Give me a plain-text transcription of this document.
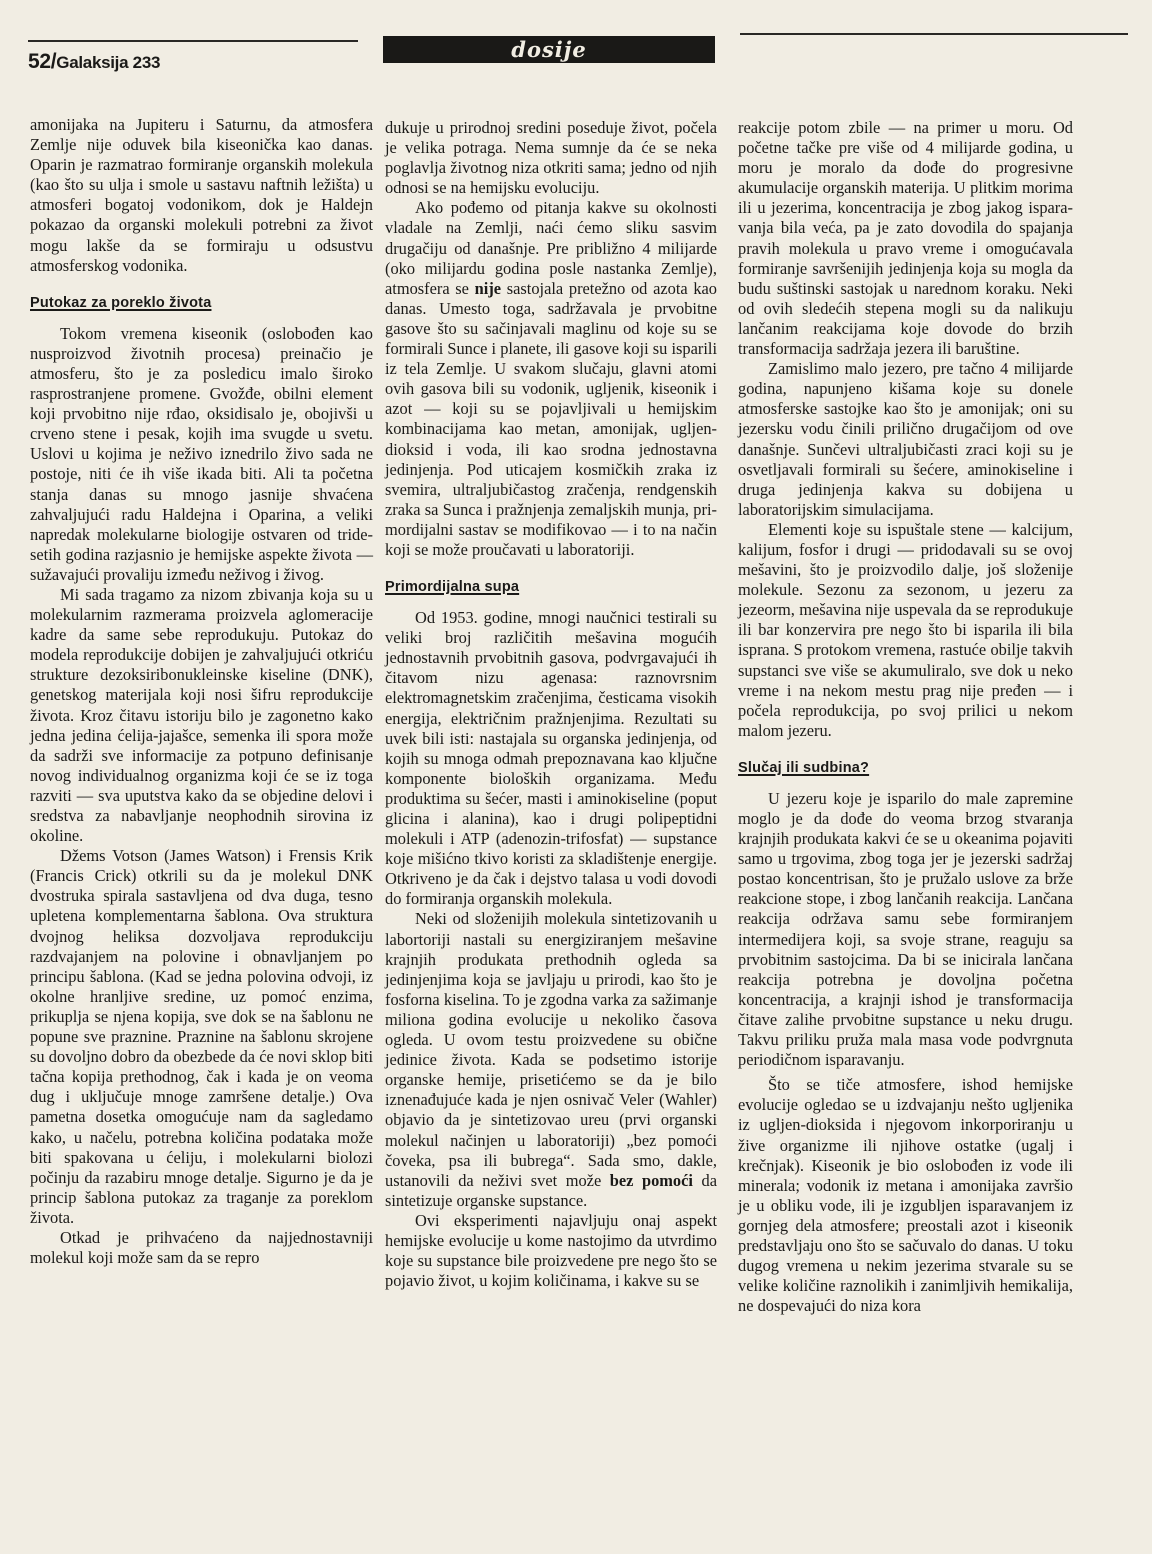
52/Galaksija 233
dosije

amonijaka na Jupiteru i Saturnu, da atmosfera Zemlje nije oduvek bila kiseonička kao danas. Oparin je razmatrao formiranje organskih molekula (kao što su ulja i smole u sastavu naftnih ležišta) u atmosferi bogatoj vodonikom, dok je Haldejn pokazao da organski molekuli potrebni za život mogu lakše da se formiraju u odsustvu atmosferskog vodonika.

Putokaz za poreklo života

Tokom vremena kiseonik (oslobođen kao nusproizvod životnih procesa) preinačio je atmosferu, što je za posledicu imalo široko rasprostranjene promene. Gvožđe, obilni element koji prvobitno nije rđao, oksidisalo je, obojivši u crveno stene i pesak, kojih ima svugde u svetu. Uslovi u kojima je neživo iznedrilo živo sada ne postoje, niti će ih više ikada biti. Ali ta početna stanja danas su mnogo jasnije shvaćena zahvaljujući radu Haldejna i Oparina, a veliki napredak molekularne biologije ostvaren od tridesetih godina razjasnio je hemijske aspekte života — sužavajući provaliju između neživog i živog.

Mi sada tragamo za nizom zbivanja koja su u molekularnim razmerama proizvela aglomeracije kadre da same sebe reprodukuju. Putokaz do modela reprodukcije dobijen je zahvaljujući otkriću strukture dezoksiribonukleinske kiseline (DNK), genetskog materijala koji nosi šifru reprodukcije života. Kroz čitavu istoriju bilo je zagonetno kako jedna jedina ćelija-jajašce, semenka ili spora može da sadrži sve informacije za potpuno definisanje novog individualnog organizma koji će se iz toga razviti — sva uputstva kako da se objedine delovi i sredstva za nabavljanje neophodnih sirovina iz okoline.

Džems Votson (James Watson) i Frensis Krik (Francis Crick) otkrili su da je molekul DNK dvostruka spirala sastavljena od dva duga, tesno upletena komplementarna šablona. Ova struktura dvojnog heliksa dozvoljava reprodukciju razdvajanjem na polovine i obnavljanjem po principu šablona. (Kad se jedna polovina odvoji, iz okolne hranljive sredine, uz pomoć enzima, prikuplja se njena kopija, sve dok se na šablonu ne popune sve praznine. Praznine na šablonu skrojene su dovoljno dobro da obezbede da će novi sklop biti tačna kopija prethodnog, čak i kada je on veoma dug i uključuje mnoge zamršene detalje.) Ova pametna dosetka omogućuje nam da sagledamo kako, u načelu, potrebna količina podataka može biti spakovana u ćeliju, i molekularni biolozi počinju da razabiru mnoge detalje. Sigurno je da je princip šablona putokaz za traganje za poreklom života.

Otkad je prihvaćeno da najjednostavniji molekul koji može sam da se repro

dukuje u prirodnoj sredini poseduje život, počela je velika potraga. Nema sumnje da će se neka poglavlja životnog niza otkriti sama; jedno od njih odnosi se na hemijsku evoluciju.

Ako pođemo od pitanja kakve su okolnosti vladale na Zemlji, naći ćemo sliku sasvim drugačiju od današnje. Pre približno 4 milijarde (oko milijardu godina posle nastanka Zemlje), atmosfera se nije sastojala pretežno od azota kao danas. Umesto toga, sadržavala je prvobitne gasove što su sačinjavali maglinu od koje su se formirali Sunce i planete, ili gasove koji su isparili iz tela Zemlje. U svakom slučaju, glavni atomi ovih gasova bili su vodonik, ugljenik, kiseonik i azot — koji su se pojavljivali u hemijskim kombinacijama kao metan, amonijak, ugljen-dioksid i voda, ili kao srodna jednostavna jedinjenja. Pod uticajem kosmičkih zraka iz svemira, ultraljubičastog zračenja, rendgenskih zraka sa Sunca i pražnjenja zemaljskih munja, primordijalni sastav se modifikovao — i to na način koji se može proučavati u laboratoriji.

Primordijalna supa

Od 1953. godine, mnogi naučnici testirali su veliki broj različitih mešavina mogućih jednostavnih prvobitnih gasova, podvrgavajući ih čitavom nizu agenasa: raznovrsnim elektromagnetskim zračenjima, česticama visokih energija, električnim pražnjenjima. Rezultati su uvek bili isti: nastajala su organska jedinjenja, od kojih su mnoga odmah prepoznavana kao ključne komponente bioloških organizama. Među produktima su šećer, masti i aminokiseline (poput glicina i alanina), kao i drugi polipeptidni molekuli i ATP (adenozin-trifosfat) — supstance koje mišićno tkivo koristi za skladištenje energije. Otkriveno je da čak i dejstvo talasa u vodi dovodi do formiranja organskih molekula.

Neki od složenijih molekula sintetizovanih u labortoriji nastali su energiziranjem mešavine krajnjih produkata prethodnih ogleda sa jedinjenjima koja se javljaju u prirodi, kao što je fosforna kiselina. To je zgodna varka za sažimanje miliona godina evolucije u nekoliko časova ogleda. U ovom testu proizvedene su obične jedinice života. Kada se podsetimo istorije organske hemije, prisetićemo se da je bilo iznenađujuće kada je njen osnivač Veler (Wahler) objavio da je sintetizovao ureu (prvi organski molekul načinjen u laboratoriji) „bez pomoći čoveka, psa ili bubrega“. Sada smo, dakle, ustanovili da neživi svet može bez pomoći da sintetizuje organske supstance.

Ovi eksperimenti najavljuju onaj aspekt hemijske evolucije u kome nastojimo da utvrdimo koje su supstance bile proizvedene pre nego što se pojavio život, u kojim količinama, i kakve su se

reakcije potom zbile — na primer u moru. Od početne tačke pre više od 4 milijarde godina, u moru je moralo da dođe do progresivne akumulacije organskih materija. U plitkim morima ili u jezerima, koncentracija je zbog jakog isparavanja bila veća, pa je zato dovodila do spajanja pravih molekula u pravo vreme i omogućavala formiranje savršenijih jedinjenja koja su mogla da budu suštinski sastojak u narednom koraku. Neki od ovih sledećih stepena mogli su da nalikuju lančanim reakcijama koje dovode do brzih transformacija sadržaja jezera ili baruštine.

Zamislimo malo jezero, pre tačno 4 milijarde godina, napunjeno kišama koje su donele atmosferske sastojke kao što je amonijak; oni su jezersku vodu činili prilično drugačijom od ove današnje. Sunčevi ultraljubičasti zraci koji su je osvetljavali formirali su šećere, aminokiseline i druga jedinjenja kakva su dobijena u laboratorijskim simulacijama.

Elementi koje su ispuštale stene — kalcijum, kalijum, fosfor i drugi — pridodavali su se ovoj mešavini, što je proizvodilo dalje, još složenije molekule. Sezonu za sezonom, u jezeru za jezeorm, mešavina nije uspevala da se reprodukuje ili bar konzervira pre nego što bi isparila ili bila isprana. S protokom vremena, rastuće obilje takvih supstanci sve više se akumuliralo, sve dok u neko vreme i na nekom mestu prag nije pređen — i počela reprodukcija, po svoj prilici u nekom malom jezeru.

Slučaj ili sudbina?

U jezeru koje je isparilo do male zapremine moglo je da dođe do veoma brzog stvaranja krajnjih produkata kakvi će se u okeanima pojaviti samo u trgovima, zbog toga jer je jezerski sadržaj postao koncentrisan, što je pružalo uslove za brže reakcione stope, i zbog lančanih reakcija. Lančana reakcija održava samu sebe formiranjem intermedijera koji, sa svoje strane, reaguju sa prvobitnim sastojcima. Da bi se inicirala lančana reakcija potrebna je dovoljna početna koncentracija, a krajnji ishod je transformacija čitave zalihe prvobitne supstance u neku drugu. Takvu priliku pruža mala masa vode podvrgnuta periodičnom isparavanju.

Što se tiče atmosfere, ishod hemijske evolucije ogledao se u izdvajanju nešto ugljenika iz ugljen-dioksida i njegovom inkorporiranju u žive organizme ili njihove ostatke (ugalj i krečnjak). Kiseonik je bio oslobođen iz vode ili minerala; vodonik iz metana i amonijaka završio je u obliku vode, ili je izgubljen isparavanjem iz gornjeg dela atmosfere; preostali azot i kiseonik predstavljaju ono što se sačuvalo do danas. U toku dugog vremena u nekim jezerima stvarale su se velike količine raznolikih i zanimljivih hemikalija, ne dospevajući do niza kora
